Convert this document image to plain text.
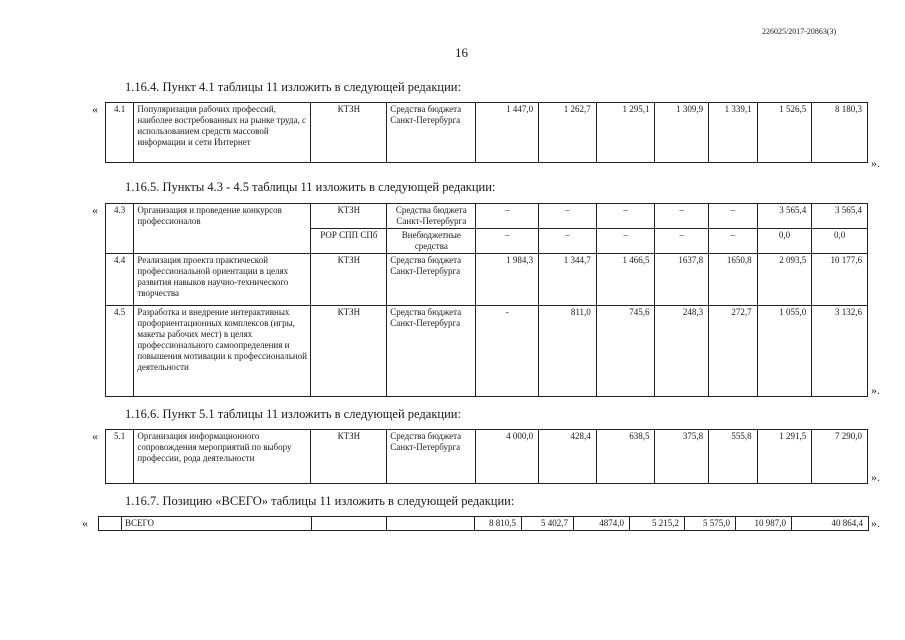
226025/2017-20863(3)
16
1.16.4. Пункт 4.1 таблицы 11 изложить в следующей редакции:
« 4.1	Популяризация рабочих профессий, наиболее востребованных на рынке труда, с использованием средств массовой информации и сети Интернет	КТЗН	Средства бюджета Санкт-Петербурга	1 447,0	1 262,7	1 295,1	1 309,9	1 339,1	1 526,5	8 180,3
».
1.16.5. Пункты 4.3 - 4.5 таблицы 11 изложить в следующей редакции:
« 4.3	Организация и проведение конкурсов профессионалов	КТЗН	Средства бюджета Санкт-Петербурга	–	–	–	–	–	3 565,4	3 565,4
		РОР СПП СПб	Внебюджетные средства	–	–	–	–	–	0,0	0,0
4.4	Реализация проекта практической профессиональной ориентации в целях развития навыков научно-технического творчества	КТЗН	Средства бюджета Санкт-Петербурга	1 984,3	1 344,7	1 466,5	1637,8	1650,8	2 093,5	10 177,6
4.5	Разработка и внедрение интерактивных профориентационных комплексов (игры, макеты рабочих мест) в целях профессионального самоопределения и повышения мотивации к профессиональной деятельности	КТЗН	Средства бюджета Санкт-Петербурга	-	811,0	745,6	248,3	272,7	1 055,0	3 132,6
».
1.16.6. Пункт 5.1 таблицы 11 изложить в следующей редакции:
« 5.1	Организация информационного сопровождения мероприятий по выбору профессии, рода деятельности	КТЗН	Средства бюджета Санкт-Петербурга	4 000,0	428,4	638,5	375,8	555,8	1 291,5	7 290,0
».
1.16.7. Позицию «ВСЕГО» таблицы 11 изложить в следующей редакции:
«
		ВСЕГО			8 810,5	5 402,7	4874,0	5 215,2	5 575,0	10 987,0	40 864,4 ».
